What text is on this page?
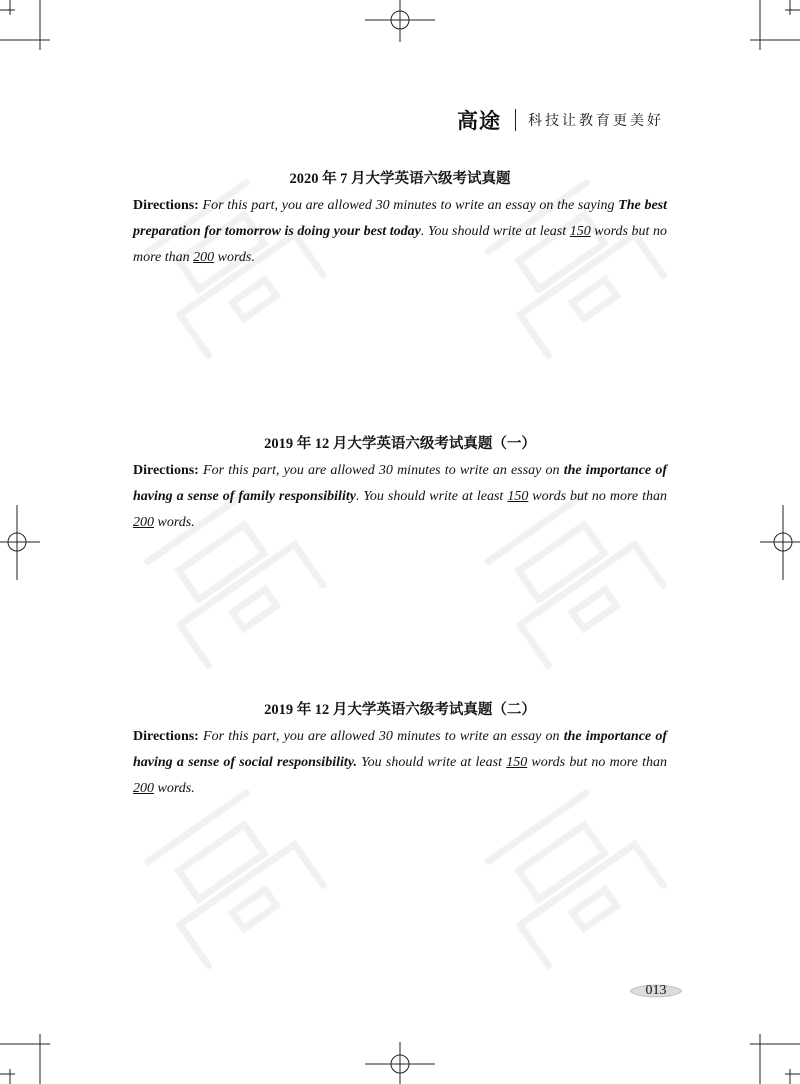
高途 科技让教育更美好
2020 年 7 月大学英语六级考试真题
Directions: For this part, you are allowed 30 minutes to write an essay on the saying The best preparation for tomorrow is doing your best today. You should write at least 150 words but no more than 200 words.
2019 年 12 月大学英语六级考试真题（一）
Directions: For this part, you are allowed 30 minutes to write an essay on the importance of having a sense of family responsibility. You should write at least 150 words but no more than 200 words.
2019 年 12 月大学英语六级考试真题（二）
Directions: For this part, you are allowed 30 minutes to write an essay on the importance of having a sense of social responsibility. You should write at least 150 words but no more than 200 words.
013
